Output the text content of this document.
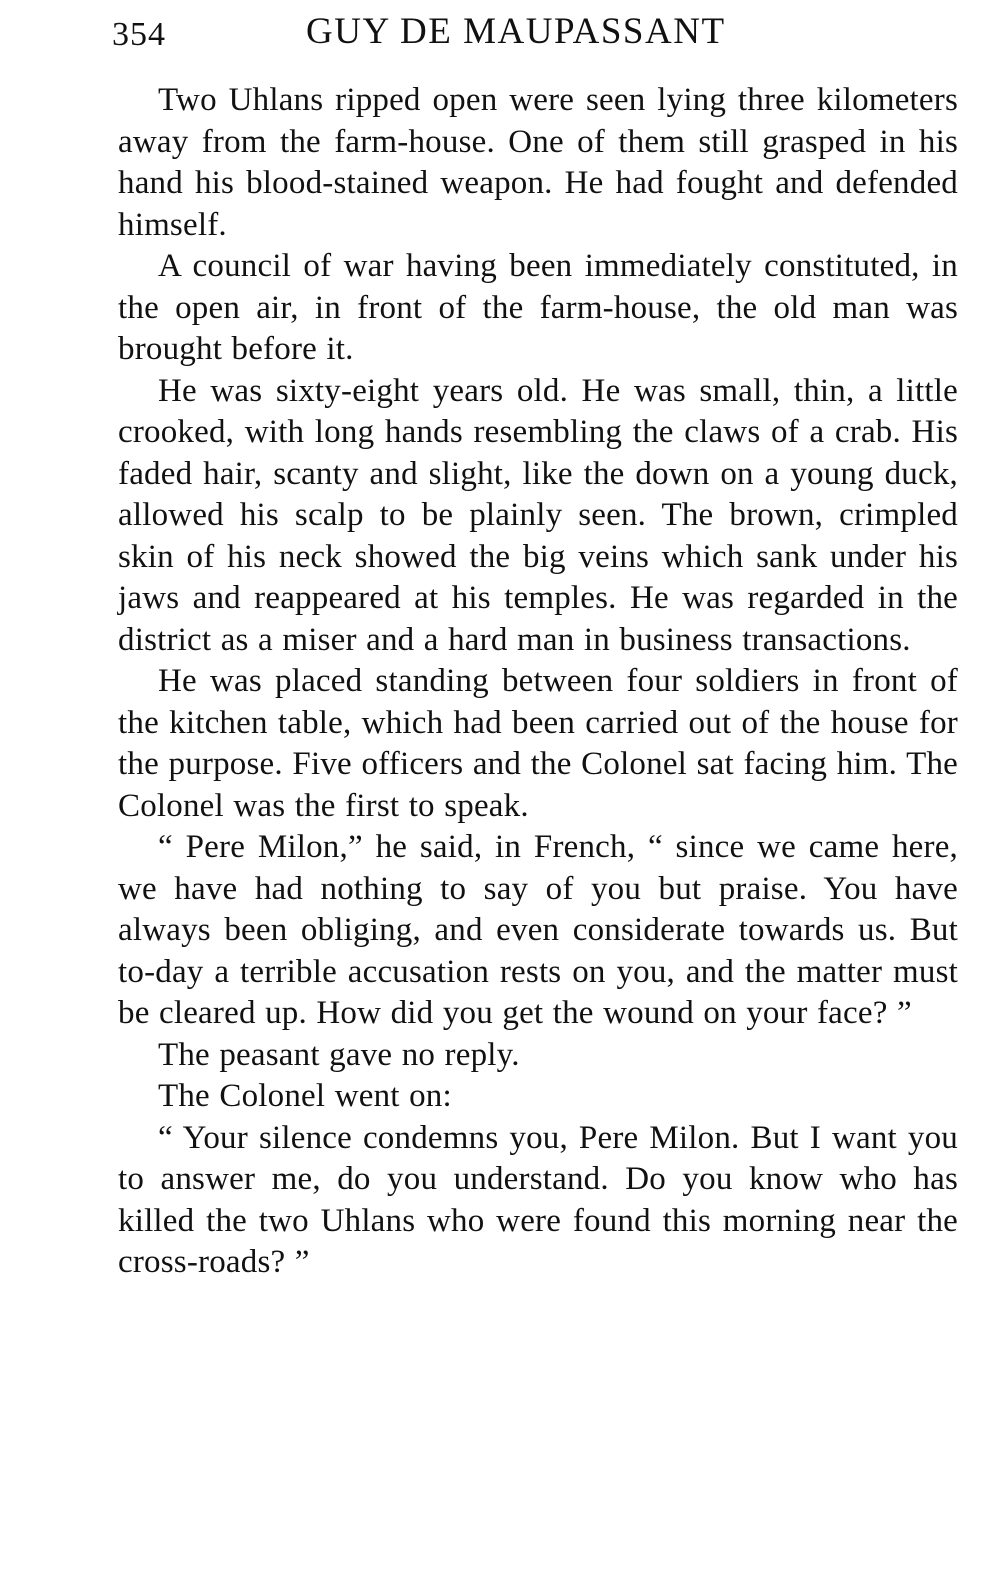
354	GUY DE MAUPASSANT

Two Uhlans ripped open were seen lying three kilometers away from the farm-house. One of them still grasped in his hand his blood-stained weapon. He had fought and defended himself.

A council of war having been immediately constituted, in the open air, in front of the farm-house, the old man was brought before it.

He was sixty-eight years old. He was small, thin, a little crooked, with long hands resembling the claws of a crab. His faded hair, scanty and slight, like the down on a young duck, allowed his scalp to be plainly seen. The brown, crimpled skin of his neck showed the big veins which sank under his jaws and reappeared at his temples. He was regarded in the district as a miser and a hard man in business transactions.

He was placed standing between four soldiers in front of the kitchen table, which had been carried out of the house for the purpose. Five officers and the Colonel sat facing him. The Colonel was the first to speak.

“ Pere Milon,” he said, in French, “ since we came here, we have had nothing to say of you but praise. You have always been obliging, and even considerate towards us. But to-day a terrible accusation rests on you, and the matter must be cleared up. How did you get the wound on your face? ”

The peasant gave no reply.

The Colonel went on:

“ Your silence condemns you, Pere Milon. But I want you to answer me, do you understand. Do you know who has killed the two Uhlans who were found this morning near the cross-roads? ”
